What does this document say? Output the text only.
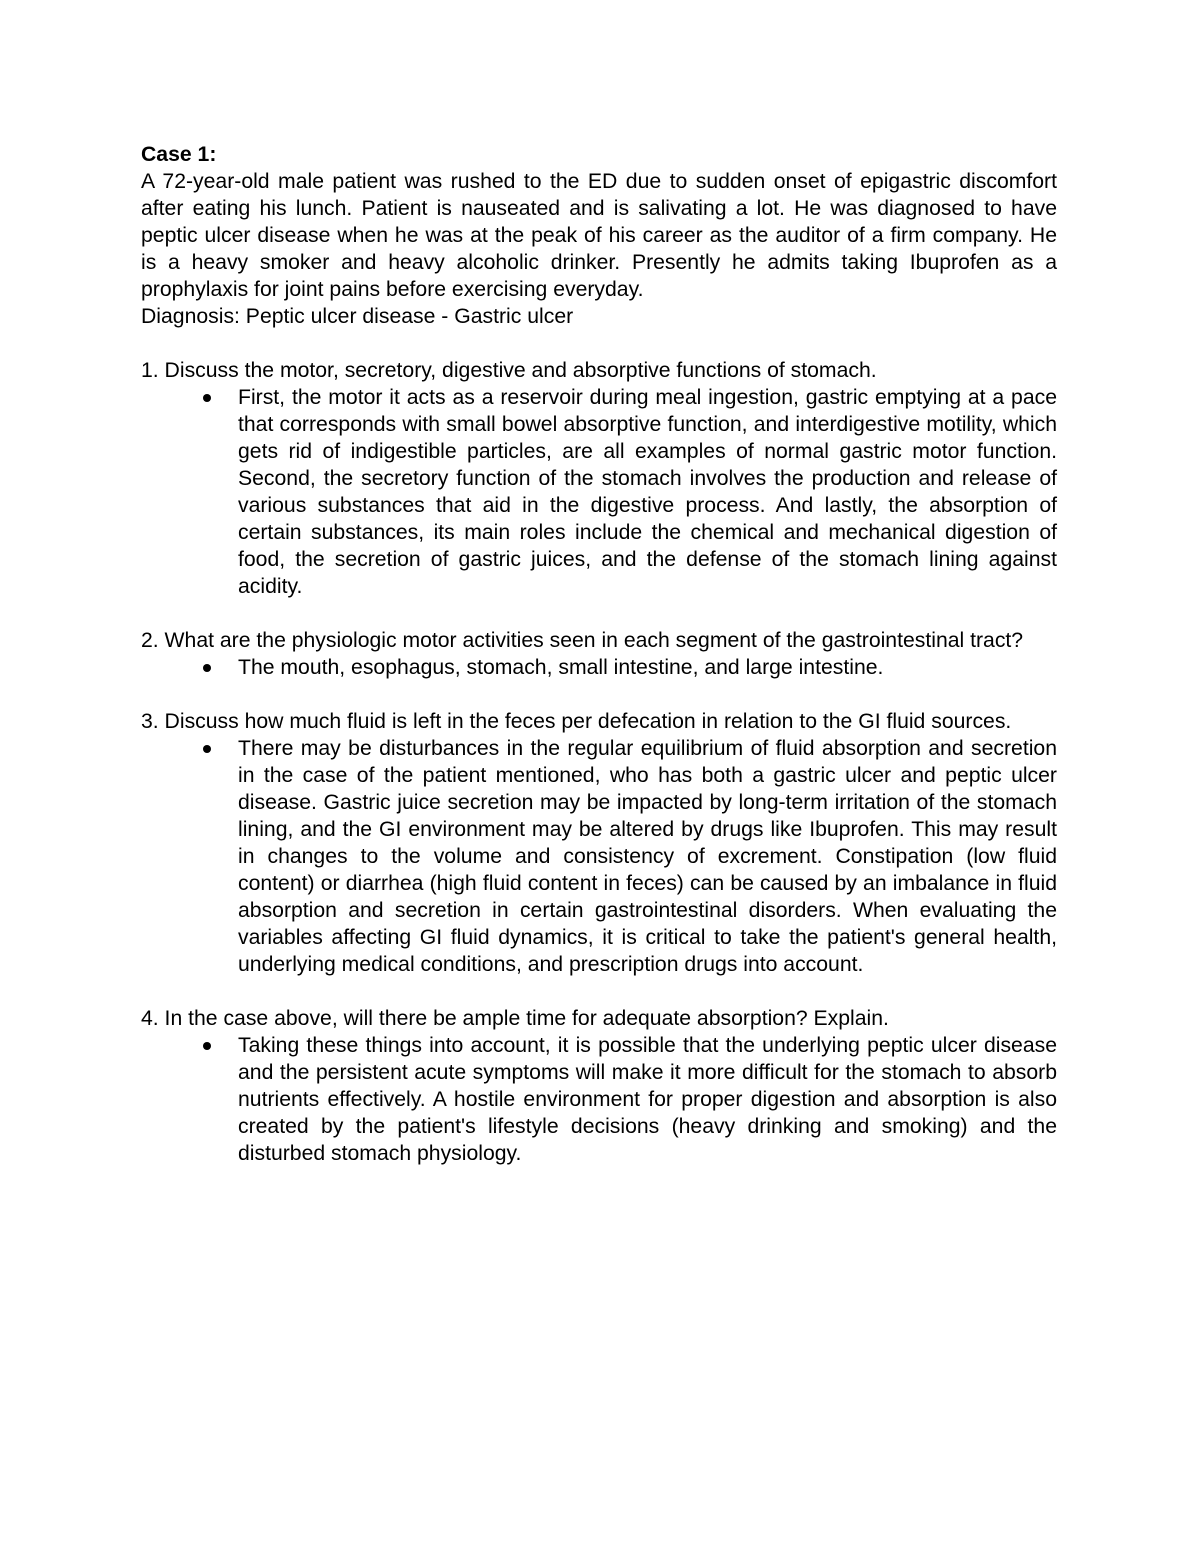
Case 1:

A 72-year-old male patient was rushed to the ED due to sudden onset of epigastric discomfort after eating his lunch. Patient is nauseated and is salivating a lot. He was diagnosed to have peptic ulcer disease when he was at the peak of his career as the auditor of a firm company. He is a heavy smoker and heavy alcoholic drinker. Presently he admits taking Ibuprofen as a prophylaxis for joint pains before exercising everyday.

Diagnosis: Peptic ulcer disease - Gastric ulcer

1. Discuss the motor, secretory, digestive and absorptive functions of stomach.

First, the motor it acts as a reservoir during meal ingestion, gastric emptying at a pace that corresponds with small bowel absorptive function, and interdigestive motility, which gets rid of indigestible particles, are all examples of normal gastric motor function. Second, the secretory function of the stomach involves the production and release of various substances that aid in the digestive process. And lastly, the absorption of certain substances, its main roles include the chemical and mechanical digestion of food, the secretion of gastric juices, and the defense of the stomach lining against acidity.

2. What are the physiologic motor activities seen in each segment of the gastrointestinal tract?

The mouth, esophagus, stomach, small intestine, and large intestine.

3. Discuss how much fluid is left in the feces per defecation in relation to the GI fluid sources.

There may be disturbances in the regular equilibrium of fluid absorption and secretion in the case of the patient mentioned, who has both a gastric ulcer and peptic ulcer disease. Gastric juice secretion may be impacted by long-term irritation of the stomach lining, and the GI environment may be altered by drugs like Ibuprofen. This may result in changes to the volume and consistency of excrement. Constipation (low fluid content) or diarrhea (high fluid content in feces) can be caused by an imbalance in fluid absorption and secretion in certain gastrointestinal disorders. When evaluating the variables affecting GI fluid dynamics, it is critical to take the patient's general health, underlying medical conditions, and prescription drugs into account.

4. In the case above, will there be ample time for adequate absorption? Explain.

Taking these things into account, it is possible that the underlying peptic ulcer disease and the persistent acute symptoms will make it more difficult for the stomach to absorb nutrients effectively. A hostile environment for proper digestion and absorption is also created by the patient's lifestyle decisions (heavy drinking and smoking) and the disturbed stomach physiology.
